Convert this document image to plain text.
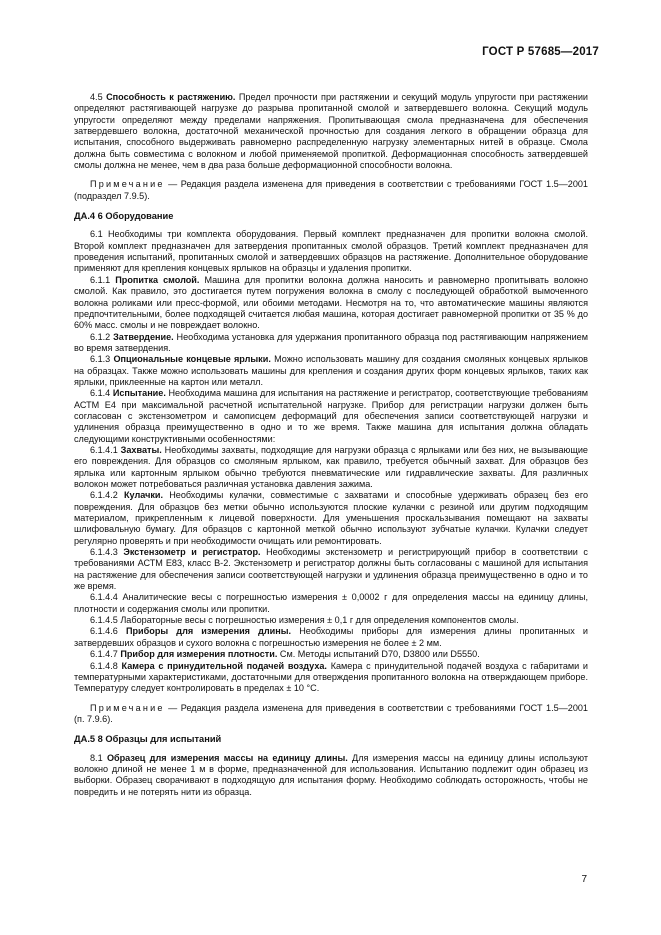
ГОСТ Р 57685—2017

4.5 Способность к растяжению. Предел прочности при растяжении и секущий модуль упругости при растяжении определяют растягивающей нагрузке до разрыва пропитанной смолой и затвердевшего волокна. Секущий модуль упругости определяют между пределами напряжения. Пропитывающая смола предназначена для обеспечения затвердевшего волокна, достаточной механической прочностью для создания легкого в обращении образца для испытания, способного выдерживать равномерно распределенную нагрузку элементарных нитей в образце. Смола должна быть совместима с волокном и любой применяемой пропиткой. Деформационная способность затвердевшей смолы должна не менее, чем в два раза больше деформационной способности волокна.

Примечание — Редакция раздела изменена для приведения в соответствии с требованиями ГОСТ 1.5—2001 (подраздел 7.9.5).

ДА.4 6 Оборудование

6.1 Необходимы три комплекта оборудования. Первый комплект предназначен для пропитки волокна смолой. Второй комплект предназначен для затвердения пропитанных смолой образцов. Третий комплект предназначен для проведения испытаний, пропитанных смолой и затвердевших образцов на растяжение. Дополнительное оборудование применяют для крепления концевых ярлыков на образцы и удаления пропитки.

6.1.1 Пропитка смолой. Машина для пропитки волокна должна наносить и равномерно пропитывать волокно смолой. Как правило, это достигается путем погружения волокна в смолу с последующей обработкой вымоченного волокна роликами или пресс-формой, или обоими методами. Несмотря на то, что автоматические машины являются предпочтительными, более подходящей считается любая машина, которая достигает равномерной пропитки от 35 % до 60% масс. смолы и не повреждает волокно.

6.1.2 Затвердение. Необходима установка для удержания пропитанного образца под растягивающим напряжением во время затвердения.

6.1.3 Опциональные концевые ярлыки. Можно использовать машину для создания смоляных концевых ярлыков на образцах. Также можно использовать машины для крепления и создания других форм концевых ярлыков, таких как ярлыки, приклеенные на картон или металл.

6.1.4 Испытание. Необходима машина для испытания на растяжение и регистратор, соответствующие требованиям АСТМ Е4 при максимальной расчетной испытательной нагрузке. Прибор для регистрации нагрузки должен быть согласован с экстензометром и самописцем деформаций для обеспечения записи соответствующей нагрузки и удлинения образца преимущественно в одно и то же время. Также машина для испытания должна обладать следующими конструктивными особенностями:

6.1.4.1 Захваты. Необходимы захваты, подходящие для нагрузки образца с ярлыками или без них, не вызывающие его повреждения. Для образцов со смоляным ярлыком, как правило, требуется обычный захват. Для образцов без ярлыка или картонным ярлыком обычно требуются пневматические или гидравлические захваты. Для различных волокон может потребоваться различная установка давления зажима.

6.1.4.2 Кулачки. Необходимы кулачки, совместимые с захватами и способные удерживать образец без его повреждения. Для образцов без метки обычно используются плоские кулачки с резиной или другим подходящим материалом, прикрепленным к лицевой поверхности. Для уменьшения проскальзывания помещают на захваты шлифовальную бумагу. Для образцов с картонной меткой обычно используют зубчатые кулачки. Кулачки следует регулярно проверять и при необходимости очищать или ремонтировать.

6.1.4.3 Экстензометр и регистратор. Необходимы экстензометр и регистрирующий прибор в соответствии с требованиями АСТМ Е83, класс В-2. Экстензометр и регистратор должны быть согласованы с машиной для испытания на растяжение для обеспечения записи соответствующей нагрузки и удлинения образца преимущественно в одно и то же время.

6.1.4.4 Аналитические весы с погрешностью измерения ± 0,0002 г для определения массы на единицу длины, плотности и содержания смолы или пропитки.

6.1.4.5 Лабораторные весы с погрешностью измерения ± 0,1 г для определения компонентов смолы.

6.1.4.6 Приборы для измерения длины. Необходимы приборы для измерения длины пропитанных и затвердевших образцов и сухого волокна с погрешностью измерения не более ± 2 мм.

6.1.4.7 Прибор для измерения плотности. См. Методы испытаний D70, D3800 или D5550.

6.1.4.8 Камера с принудительной подачей воздуха. Камера с принудительной подачей воздуха с габаритами и температурными характеристиками, достаточными для отверждения пропитанного волокна на отверждающем приборе. Температуру следует контролировать в пределах ± 10 °С.

Примечание — Редакция раздела изменена для приведения в соответствии с требованиями ГОСТ 1.5—2001 (п. 7.9.6).

ДА.5 8 Образцы для испытаний

8.1 Образец для измерения массы на единицу длины. Для измерения массы на единицу длины используют волокно длиной не менее 1 м в форме, предназначенной для использования. Испытанию подлежит один образец из выборки. Образец сворачивают в подходящую для испытания форму. Необходимо соблюдать осторожность, чтобы не повредить и не потерять нити из образца.

7
